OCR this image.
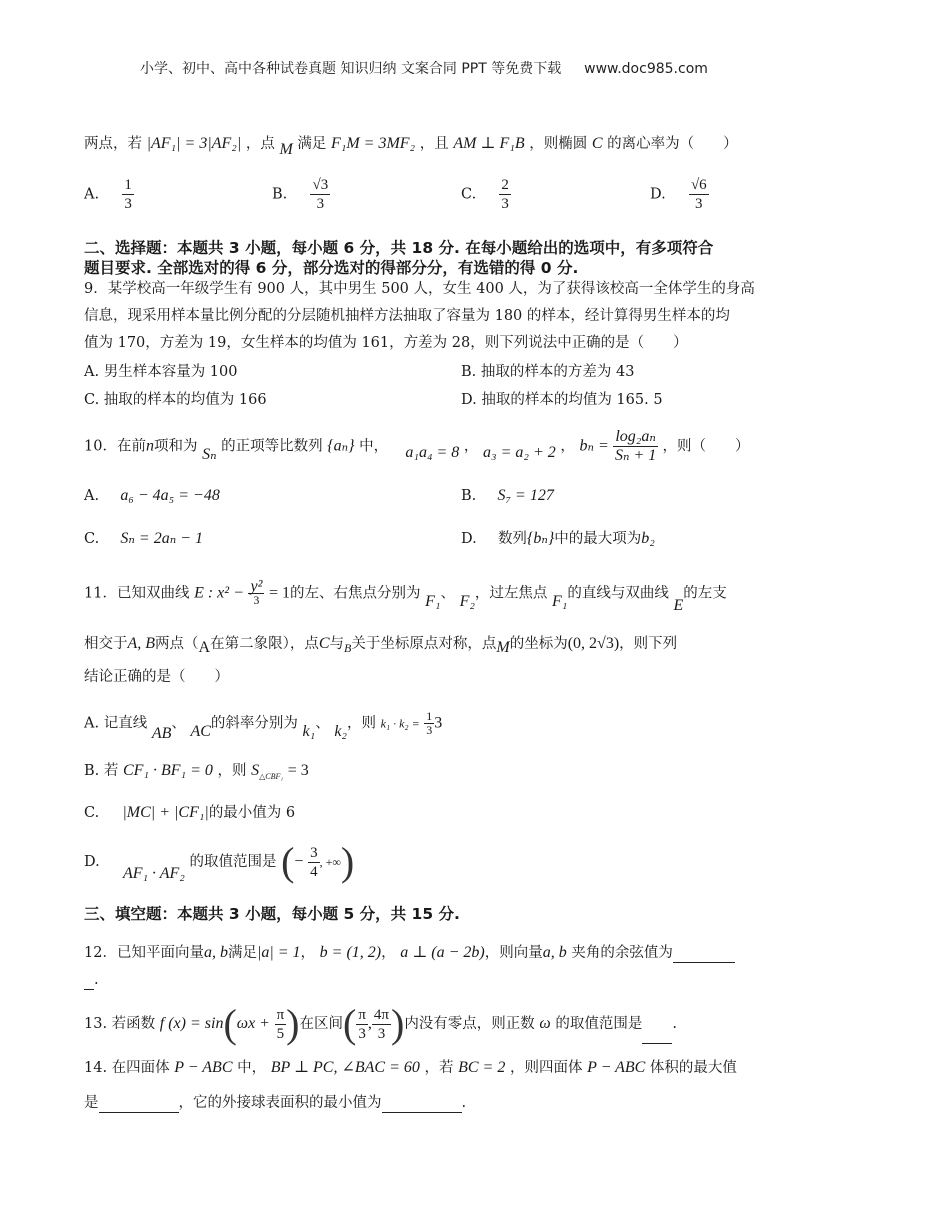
小学、初中、高中各种试卷真题 知识归纳 文案合同 PPT 等免费下载 www.doc985.com
两点，若 |AF₁| = 3|AF₂| ，点 M 满足 F₁M = 3MF₂ ，且 AM ⊥ F₁B ，则椭圆 C 的离心率为（　　）
A. $\frac{1}{3}$	B. $\frac{√3}{3}$	C. $\frac{2}{3}$	D. $\frac{√6}{3}$
二、选择题：本题共 3 小题，每小题 6 分，共 18 分. 在每小题给出的选项中，有多项符合
题目要求. 全部选对的得 6 分，部分选对的得部分分，有选错的得 0 分.
9．某学校高一年级学生有 900 人，其中男生 500 人，女生 400 人，为了获得该校高一全体学生的身高
信息，现采用样本量比例分配的分层随机抽样方法抽取了容量为 180 的样本，经计算得男生样本的均
值为 170，方差为 19，女生样本的均值为 161，方差为 28，则下列说法中正确的是（　　）
A. 男生样本容量为 100	B. 抽取的样本的方差为 43
C. 抽取的样本的均值为 166	D. 抽取的样本的均值为 165. 5
10．在前n项和为 Sₙ 的正项等比数列 {aₙ} 中， a₁a₄ = 8 ， a₃ = a₂ + 2 ， $b_n = \frac{\text{log₂aₙ}}{\text{Sₙ + 1}}$ ，则（　　）
A. a₆ − 4a₅ = −48	B. S₇ = 127
C. Sₙ = 2aₙ − 1	D. 数列{bₙ}中的最大项为b₂
11．已知双曲线 E : $x^2 - \frac{\text{y²}}{3} = 1$的左、右焦点分别为 F₁、 F₂，过左焦点 F₁的直线与双曲线 E的左支
相交于A, B两点（A在第二象限），点C与$_B$关于坐标原点对称，点M的坐标为(0, 2√3)，则下列
结论正确的是（　　）
A. 记直线 AB、 AC的斜率分别为 k₁、 k₂，则 $k_1 \cdot k_2 = \frac{1}{3} 3$
B. 若 CF₁ · BF₁ = 0 ，则 $S_{\triangle CBF_1} = 3$
C. |MC| + |CF₁|的最小值为 6
D.  AF₁ · AF₂ 的取值范围是 (− $\frac{3}{4}$ , +∞)
三、填空题：本题共 3 小题，每小题 5 分，共 15 分.
12．已知平面向量a, b满足|a| = 1， b = (1, 2)， a ⊥ (a − 2b)，则向量a, b 夹角的余弦值为
.
13. 若函数 f $(x) = \sin(\omega x + \frac{\pi}{5}$ )在区间( $\frac{\pi}{3}$ , $\frac{4\pi}{3}$ )内没有零点，则正数 ω 的取值范围是 .
14. 在四面体 P − ABC 中， BP ⊥ PC, ∠BAC = 60 ，若 BC = 2 ，则四面体 P − ABC 体积的最大值
是	，它的外接球表面积的最小值为	.
